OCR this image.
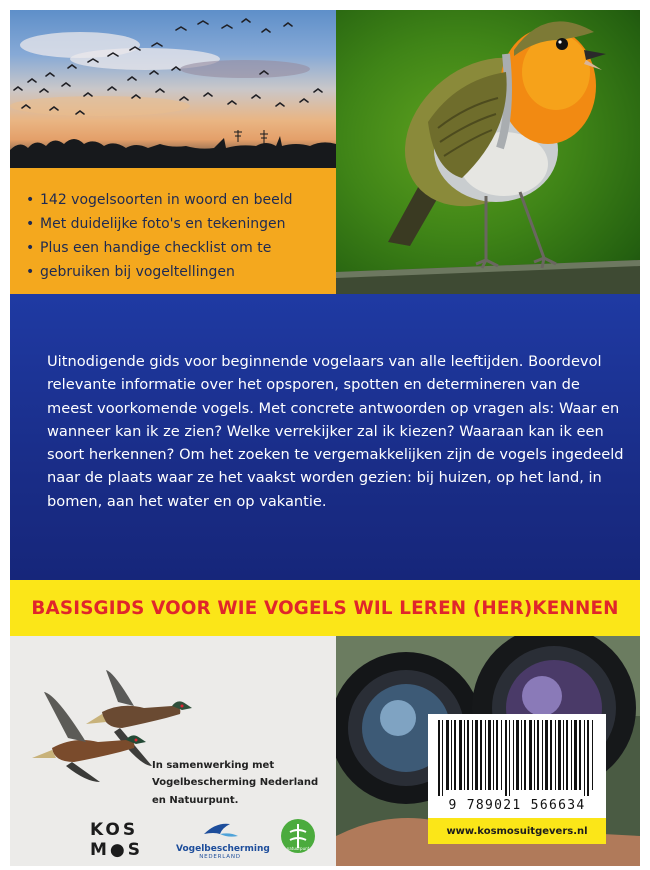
• 142 vogelsoorten in woord en beeld
• Met duidelijke foto's en tekeningen
• Plus een handige checklist om te
• gebruiken bij vogeltellingen

Uitnodigende gids voor beginnende vogelaars van alle leeftijden. Boordevol relevante informatie over het opsporen, spotten en determineren van de meest voorkomende vogels. Met concrete antwoorden op vragen als: Waar en wanneer kan ik ze zien? Welke verrekijker zal ik kiezen? Waaraan kan ik een soort herkennen? Om het zoeken te vergemakkelijken zijn de vogels ingedeeld naar de plaats waar ze het vaakst worden gezien: bij huizen, op het land, in bomen, aan het water en op vakantie.

BASISGIDS VOOR WIE VOGELS WIL LEREN (HER)KENNEN
In samenwerking met
Vogelbescherming Nederland
en Natuurpunt.
KOS
M●S	Vogelbescherming
NEDERLAND
natuurpunt
9 789021 566634
www.kosmosuitgevers.nl
